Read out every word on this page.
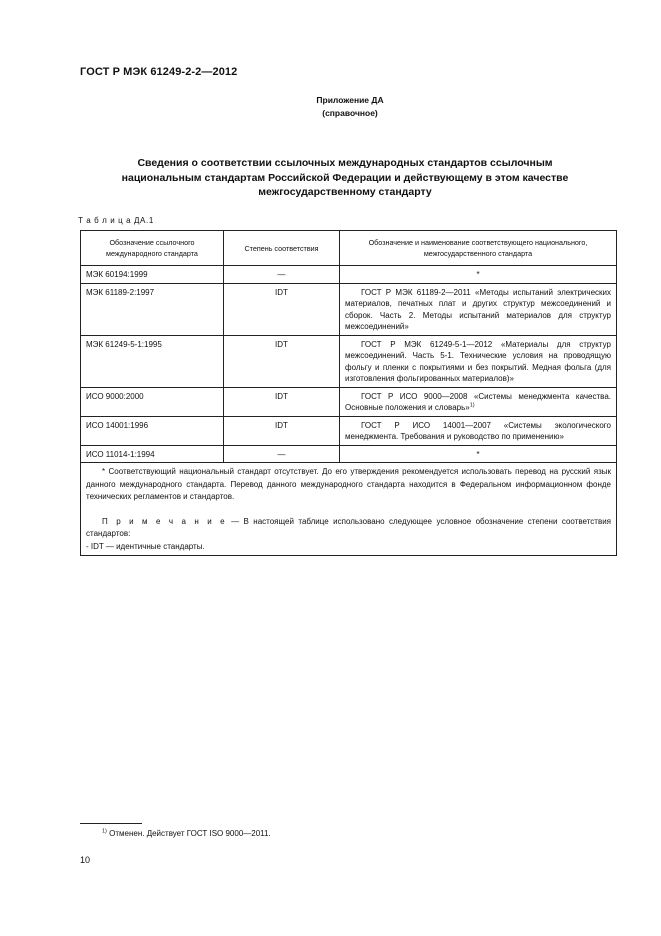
ГОСТ Р МЭК 61249-2-2—2012
Приложение ДА
(справочное)
Сведения о соответствии ссылочных международных стандартов ссылочным
национальным стандартам Российской Федерации и действующему в этом качестве
межгосударственному стандарту
Т а б л и ц а ДА.1
Обозначение ссылочного международного стандарта	Степень соответствия	Обозначение и наименование соответствующего национального, межгосударственного стандарта
МЭК 60194:1999	—	*
МЭК 61189-2:1997	IDT	ГОСТ Р МЭК 61189-2—2011 «Методы испытаний электрических материалов, печатных плат и других структур межсоединений и сборок. Часть 2. Методы испытаний материалов для структур межсоединений»

МЭК 61249-5-1:1995	IDT	ГОСТ Р МЭК 61249-5-1—2012 «Материалы для структур межсоединений. Часть 5-1. Технические условия на проводящую фольгу и пленки с покрытиями и без покрытий. Медная фольга (для изготовления фольгированных материалов)»

ИСО 9000:2000	IDT	ГОСТ Р ИСО 9000—2008 «Системы менеджмента качества. Основные положения и словарь»$^{1)}$

ИСО 14001:1996	IDT	ГОСТ Р ИСО 14001—2007 «Системы экологического менеджмента. Требования и руководство по применению»

ИСО 11014-1:1994	—	*

* Соответствующий национальный стандарт отсутствует. До его утверждения рекомендуется использовать перевод на русский язык данного международного стандарта. Перевод данного международного стандарта находится в Федеральном информационном фонде технических регламентов и стандартов.
П р и м е ч а н и е — В настоящей таблице использовано следующее условное обозначение степени соответствия стандартов:
- IDT — идентичные стандарты.		
$^{1)}$ Отменен. Действует ГОСТ ISO 9000—2011.
10
